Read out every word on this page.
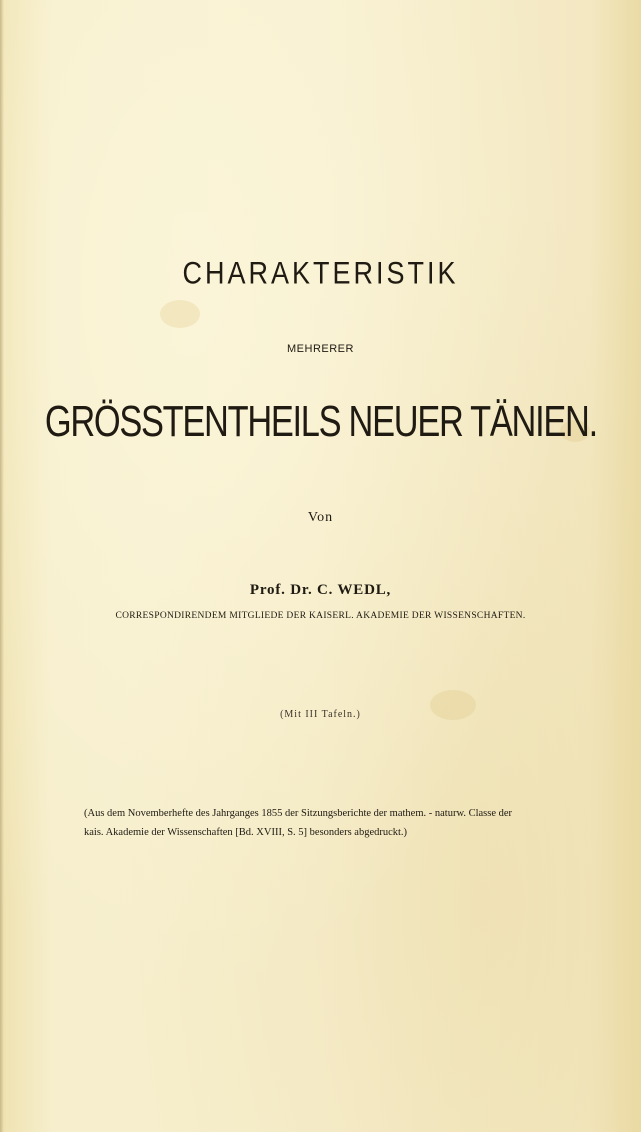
CHARAKTERISTIK
MEHRERER
GRÖSSTENTHEILS NEUER TÄNIEN.
Von
Prof. Dr. C. WEDL,
CORRESPONDIRENDEM MITGLIEDE DER KAISERL. AKADEMIE DER WISSENSCHAFTEN.
(Mit III Tafeln.)
(Aus dem Novemberhefte des Jahrganges 1855 der Sitzungsberichte der mathem. - naturw. Classe der
kais. Akademie der Wissenschaften [Bd. XVIII, S. 5] besonders abgedruckt.)
